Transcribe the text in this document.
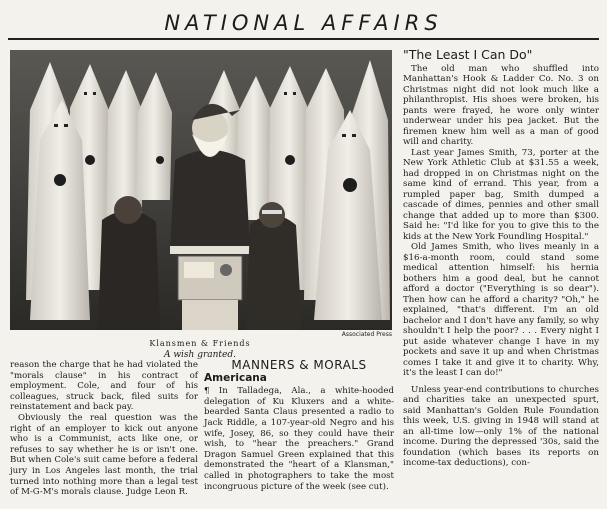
NATIONAL AFFAIRS
Associated Press
Klansmen & Friends
A wish granted.

reason the charge that he had violated the "morals clause" in his contract of employment. Cole, and four of his colleagues, struck back, filed suits for reinstatement and back pay.

Obviously the real question was the right of an employer to kick out anyone who is a Communist, acts like one, or refuses to say whether he is or isn't one. But when Cole's suit came before a federal jury in Los Angeles last month, the trial turned into nothing more than a legal test of M-G-M's morals clause. Judge Leon R.

MANNERS & MORALS
Americana

¶ In Talladega, Ala., a white-hooded delegation of Ku Kluxers and a white-bearded Santa Claus presented a radio to Jack Riddle, a 107-year-old Negro and his wife, Josey, 86, so they could have their wish, to "hear the preachers." Grand Dragon Samuel Green explained that this demonstrated the "heart of a Klansman," called in photographers to take the most incongruous picture of the week (see cut).

"The Least I Can Do"

The old man who shuffled into Manhattan's Hook & Ladder Co. No. 3 on Christmas night did not look much like a philanthropist. His shoes were broken, his pants were frayed, he wore only winter underwear under his pea jacket. But the firemen knew him well as a man of good will and charity.

Last year James Smith, 73, porter at the New York Athletic Club at $31.55 a week, had dropped in on Christmas night on the same kind of errand. This year, from a rumpled paper bag, Smith dumped a cascade of dimes, pennies and other small change that added up to more than $300. Said he: "I'd like for you to give this to the kids at the New York Foundling Hospital."

Old James Smith, who lives meanly in a $16-a-month room, could stand some medical attention himself: his hernia bothers him a good deal, but he cannot afford a doctor ("Everything is so dear"). Then how can he afford a charity? "Oh," he explained, "that's different. I'm an old bachelor and I don't have any family, so why shouldn't I help the poor? . . . Every night I put aside whatever change I have in my pockets and save it up and when Christmas comes I take it and give it to charity. Why, it's the least I can do!"

Unless year-end contributions to churches and charities take an unexpected spurt, said Manhattan's Golden Rule Foundation this week, U.S. giving in 1948 will stand at an all-time low—only 1% of the national income. During the depressed '30s, said the foundation (which bases its reports on income-tax deductions), con-
